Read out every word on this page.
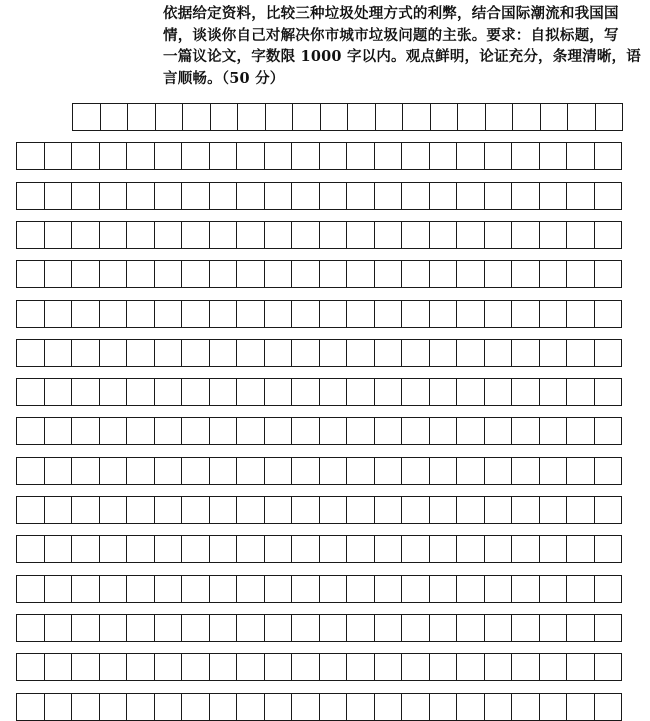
依据给定资料，比较三种垃圾处理方式的利弊，结合国际潮流和我国国
情，谈谈你自己对解决你市城市垃圾问题的主张。要求：自拟标题，写
一篇议论文，字数限 1000 字以内。观点鲜明，论证充分，条理清晰，语
言顺畅。（50 分）
